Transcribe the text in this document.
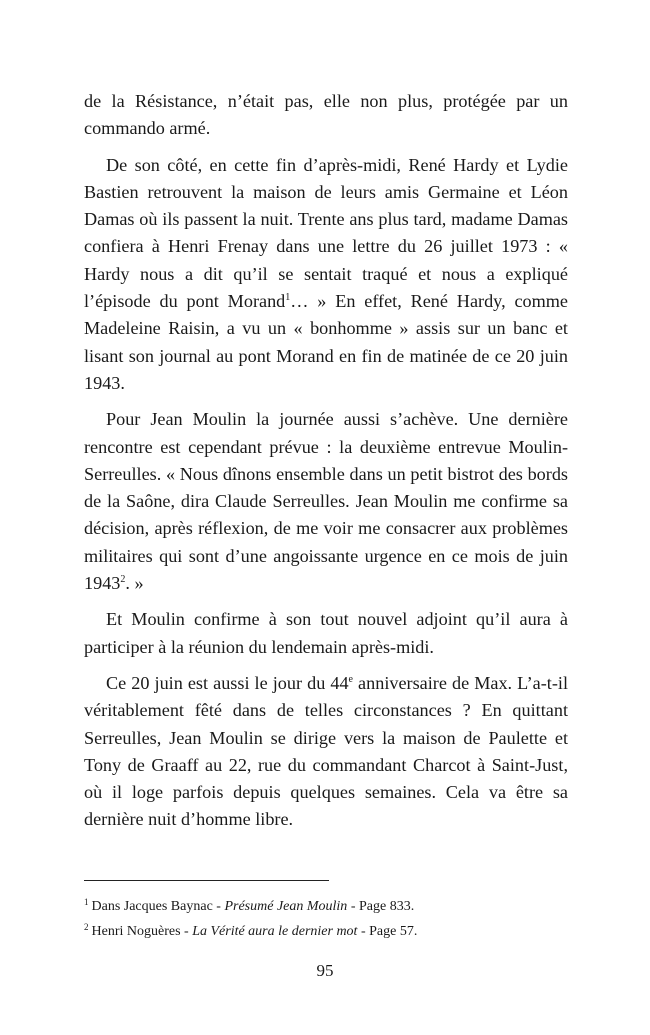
de la Résistance, n’était pas, elle non plus, protégée par un commando armé.

De son côté, en cette fin d’après-midi, René Hardy et Lydie Bastien retrouvent la maison de leurs amis Germaine et Léon Damas où ils passent la nuit. Trente ans plus tard, madame Damas confiera à Henri Frenay dans une lettre du 26 juillet 1973 : « Hardy nous a dit qu’il se sentait traqué et nous a expliqué l’épisode du pont Morand$^1$… » En effet, René Hardy, comme Madeleine Raisin, a vu un « bonhomme » assis sur un banc et lisant son journal au pont Morand en fin de matinée de ce 20 juin 1943.

Pour Jean Moulin la journée aussi s’achève. Une dernière rencontre est cependant prévue : la deuxième entrevue Moulin-Serreulles. « Nous dînons ensemble dans un petit bistrot des bords de la Saône, dira Claude Serreulles. Jean Moulin me confirme sa décision, après réflexion, de me voir me consacrer aux problèmes militaires qui sont d’une angoissante urgence en ce mois de juin 1943$^2$. »

Et Moulin confirme à son tout nouvel adjoint qu’il aura à participer à la réunion du lendemain après-midi.

Ce 20 juin est aussi le jour du 44e anniversaire de Max. L’a-t-il véritablement fêté dans de telles circonstances ? En quittant Serreulles, Jean Moulin se dirige vers la maison de Paulette et Tony de Graaff au 22, rue du commandant Charcot à Saint-Just, où il loge parfois depuis quelques semaines. Cela va être sa dernière nuit d’homme libre.

$^1$ Dans Jacques Baynac - Présumé Jean Moulin - Page 833.

$^2$ Henri Noguères - La Vérité aura le dernier mot - Page 57.

95
